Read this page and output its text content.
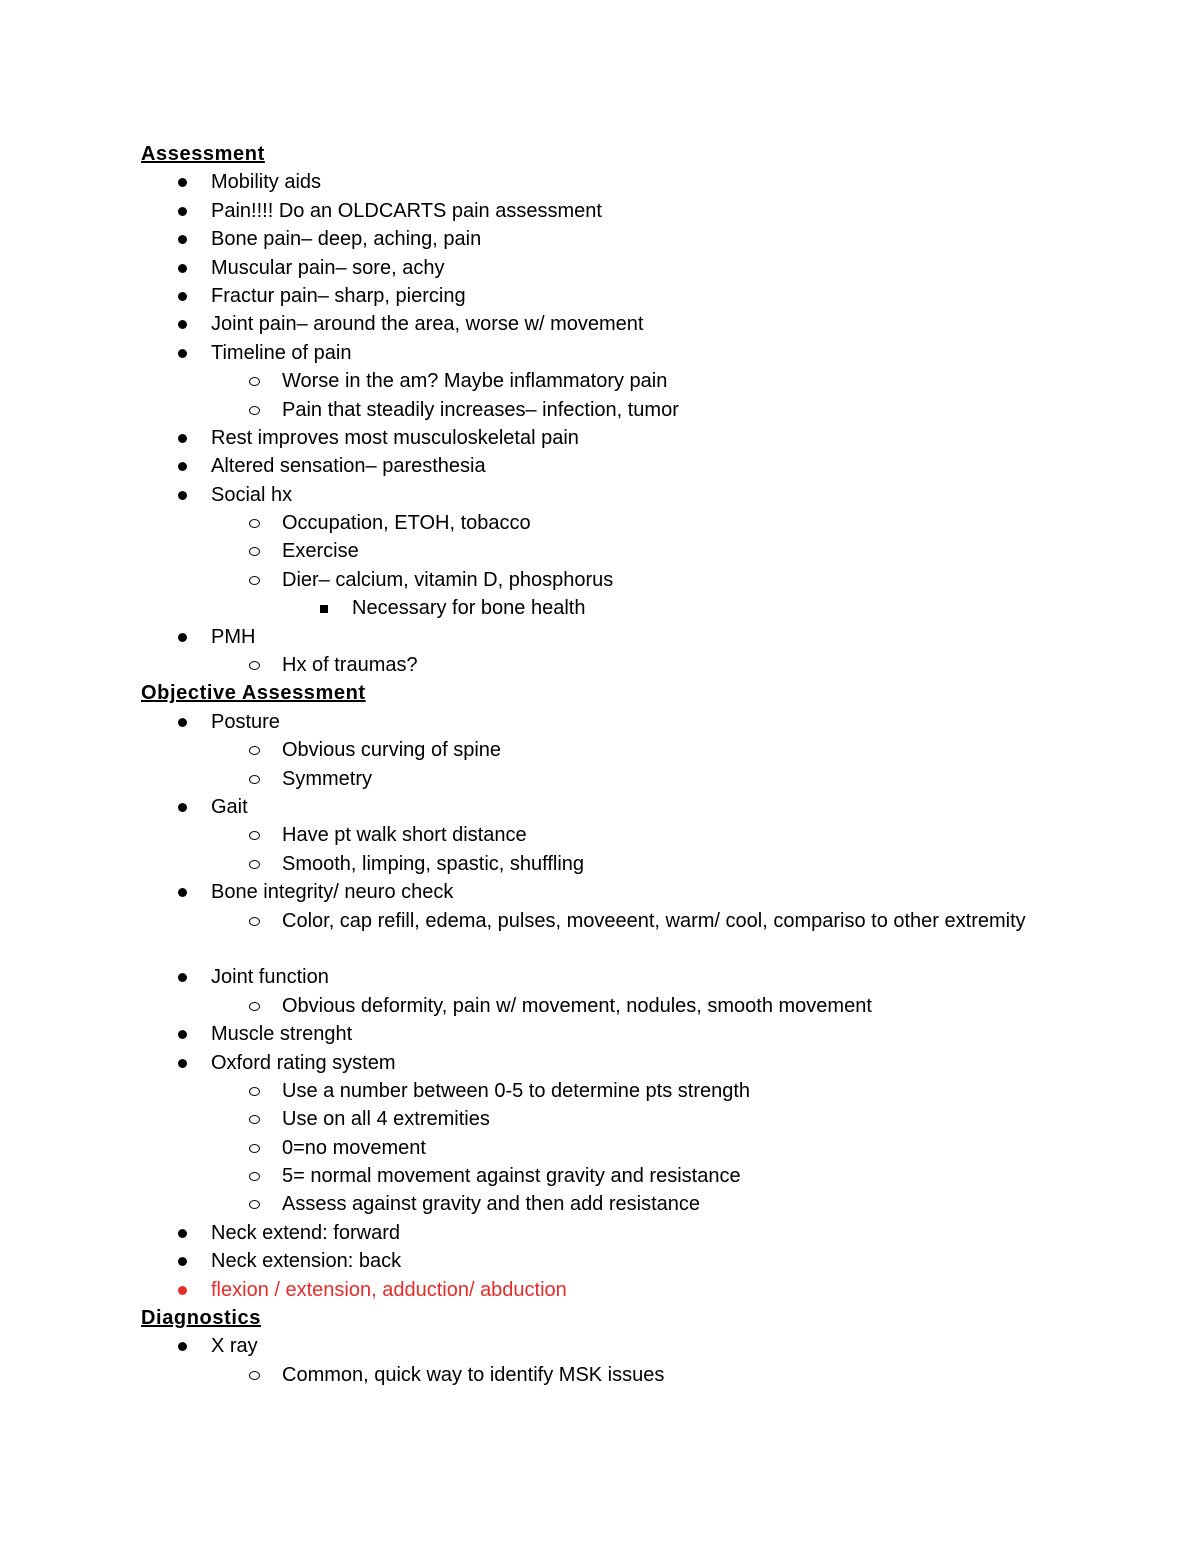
Assessment
Mobility aids
Pain!!!! Do an OLDCARTS pain assessment
Bone pain– deep, aching, pain
Muscular pain– sore, achy
Fractur pain– sharp, piercing
Joint pain– around the area, worse w/ movement
Timeline of pain
Worse in the am? Maybe inflammatory pain
Pain that steadily increases– infection, tumor
Rest improves most musculoskeletal pain
Altered sensation– paresthesia
Social hx
Occupation, ETOH, tobacco
Exercise
Dier– calcium, vitamin D, phosphorus
Necessary for bone health
PMH
Hx of traumas?
Objective Assessment
Posture
Obvious curving of spine
Symmetry
Gait
Have pt walk short distance
Smooth, limping, spastic, shuffling
Bone integrity/ neuro check
Color, cap refill, edema, pulses, moveeent, warm/ cool, compariso to other extremity
Joint function
Obvious deformity, pain w/ movement, nodules, smooth movement
Muscle strenght
Oxford rating system
Use a number between 0-5 to determine pts strength
Use on all 4 extremities
0=no movement
5= normal movement against gravity and resistance
Assess against gravity and then add resistance
Neck extend: forward
Neck extension: back
flexion / extension, adduction/ abduction
Diagnostics
X ray
Common, quick way to identify MSK issues
